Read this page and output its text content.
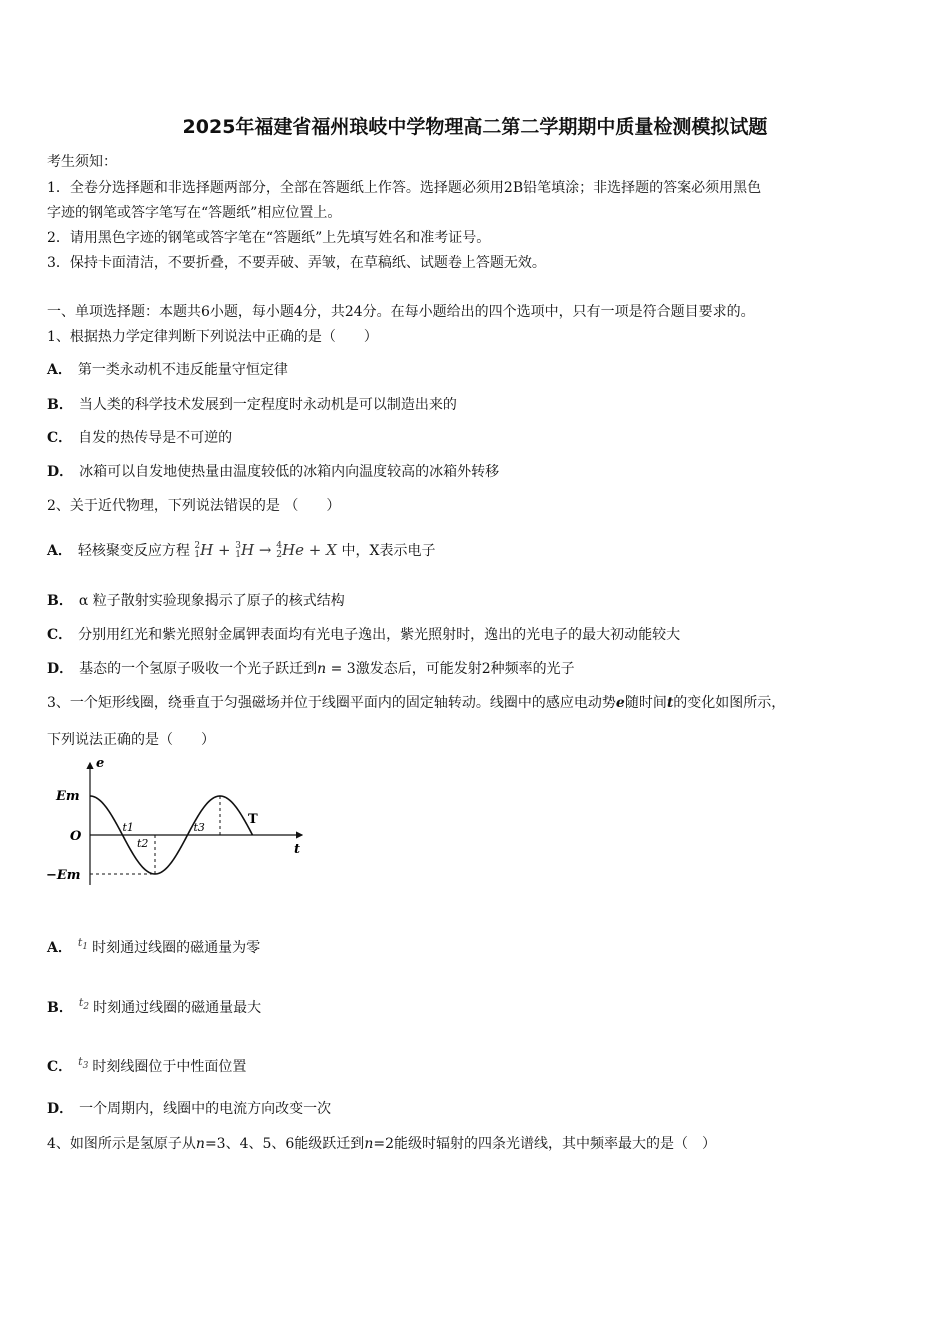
2025年福建省福州琅岐中学物理高二第二学期期中质量检测模拟试题
考生须知：
1．全卷分选择题和非选择题两部分，全部在答题纸上作答。选择题必须用2B铅笔填涂；非选择题的答案必须用黑色
字迹的钢笔或答字笔写在“答题纸”相应位置上。
2．请用黑色字迹的钢笔或答字笔在“答题纸”上先填写姓名和准考证号。
3．保持卡面清洁，不要折叠，不要弄破、弄皱，在草稿纸、试题卷上答题无效。
一、单项选择题：本题共6小题，每小题4分，共24分。在每小题给出的四个选项中，只有一项是符合题目要求的。
1、根据热力学定律判断下列说法中正确的是（　　）
A． 第一类永动机不违反能量守恒定律
B． 当人类的科学技术发展到一定程度时永动机是可以制造出来的
C． 自发的热传导是不可逆的
D． 冰箱可以自发地使热量由温度较低的冰箱内向温度较高的冰箱外转移
2、关于近代物理，下列说法错误的是 （　　）
A． 轻核聚变反应方程 2
1H + 3
1H → 4
2He + X 中，X表示电子
B． α 粒子散射实验现象揭示了原子的核式结构
C． 分别用红光和紫光照射金属钾表面均有光电子逸出，紫光照射时，逸出的光电子的最大初动能较大
D． 基态的一个氢原子吸收一个光子跃迁到n = 3激发态后，可能发射2种频率的光子
3、一个矩形线圈，绕垂直于匀强磁场并位于线圈平面内的固定轴转动。线圈中的感应电动势e随时间t的变化如图所示，
下列说法正确的是（　　）
e
t
Em
−Em
O
t1
t2
t3
T
A． $^{t_1}$ 时刻通过线圈的磁通量为零
B． $^{t_2}$ 时刻通过线圈的磁通量最大
C． $^{t_3}$ 时刻线圈位于中性面位置
D． 一个周期内，线圈中的电流方向改变一次
4、如图所示是氢原子从n=3、4、5、6能级跃迁到n=2能级时辐射的四条光谱线，其中频率最大的是（　）
